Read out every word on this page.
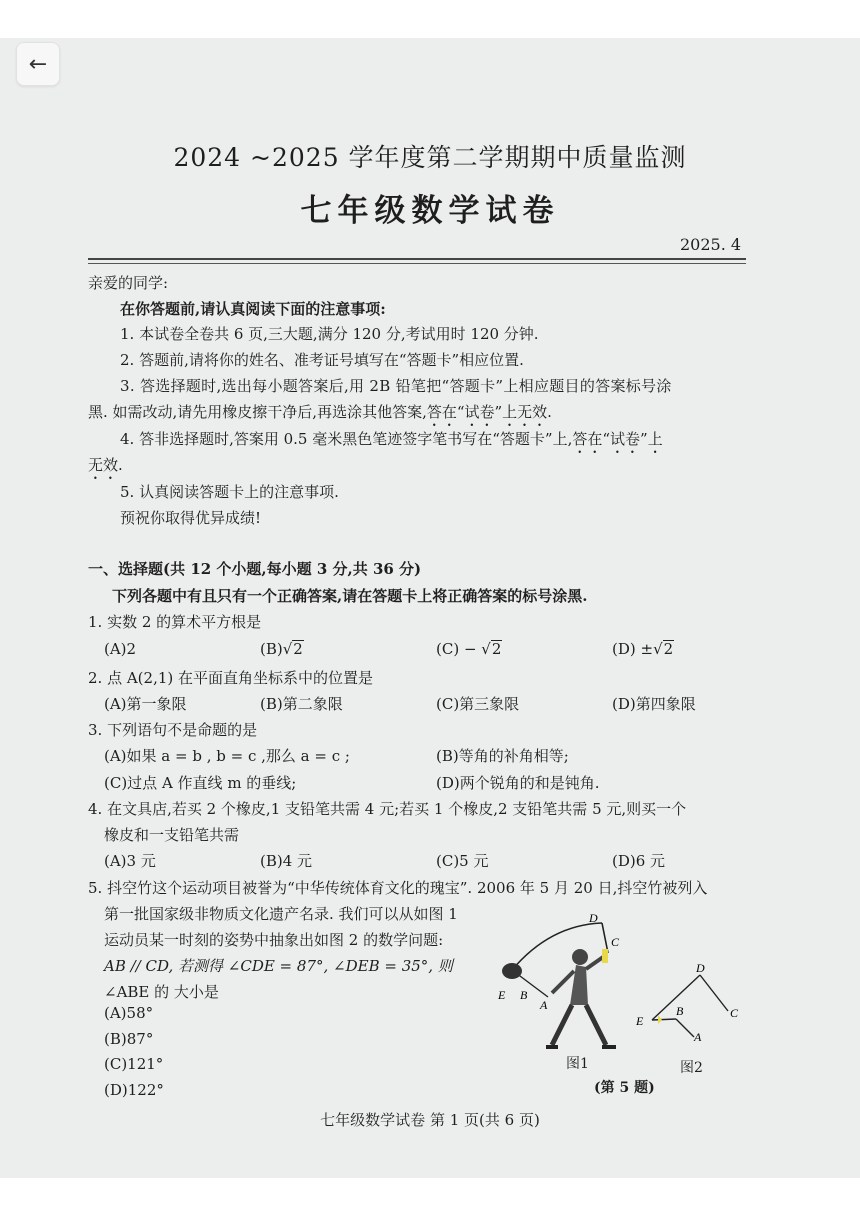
←
2024 ~2025 学年度第二学期期中质量监测
七年级数学试卷
2025. 4
亲爱的同学:
在你答题前,请认真阅读下面的注意事项:
1. 本试卷全卷共 6 页,三大题,满分 120 分,考试用时 120 分钟.
2. 答题前,请将你的姓名、准考证号填写在“答题卡”相应位置.
3. 答选择题时,选出每小题答案后,用 2B 铅笔把“答题卡”上相应题目的答案标号涂
黑. 如需改动,请先用橡皮擦干净后,再选涂其他答案,答在“试卷”上无效.
4. 答非选择题时,答案用 0.5 毫米黑色笔迹签字笔书写在“答题卡”上,答在“试卷”上
无效.
5. 认真阅读答题卡上的注意事项.
预祝你取得优异成绩!
一、选择题(共 12 个小题,每小题 3 分,共 36 分)
下列各题中有且只有一个正确答案,请在答题卡上将正确答案的标号涂黑.
1. 实数 2 的算术平方根是
(A)2	(B)√2	(C) − √2	(D) ±√2
2. 点 A(2,1) 在平面直角坐标系中的位置是
(A)第一象限	(B)第二象限	(C)第三象限	(D)第四象限
3. 下列语句不是命题的是
(A)如果 a = b , b = c ,那么 a = c ;	(B)等角的补角相等;
(C)过点 A 作直线 m 的垂线;	(D)两个锐角的和是钝角.
4. 在文具店,若买 2 个橡皮,1 支铅笔共需 4 元;若买 1 个橡皮,2 支铅笔共需 5 元,则买一个
橡皮和一支铅笔共需
(A)3 元	(B)4 元	(C)5 元	(D)6 元
5. 抖空竹这个运动项目被誉为“中华传统体育文化的瑰宝”. 2006 年 5 月 20 日,抖空竹被列入
第一批国家级非物质文化遗产名录. 我们可以从如图 1
运动员某一时刻的姿势中抽象出如图 2 的数学问题:
AB // CD, 若测得 ∠CDE = 87°, ∠DEB = 35°, 则
∠ABE 的 大小是
(A)58°
(B)87°
(C)121°
(D)122°
D
C
E B
A
图1
D
E
B	C
A
图2
(第 5 题)
七年级数学试卷 第 1 页(共 6 页)
